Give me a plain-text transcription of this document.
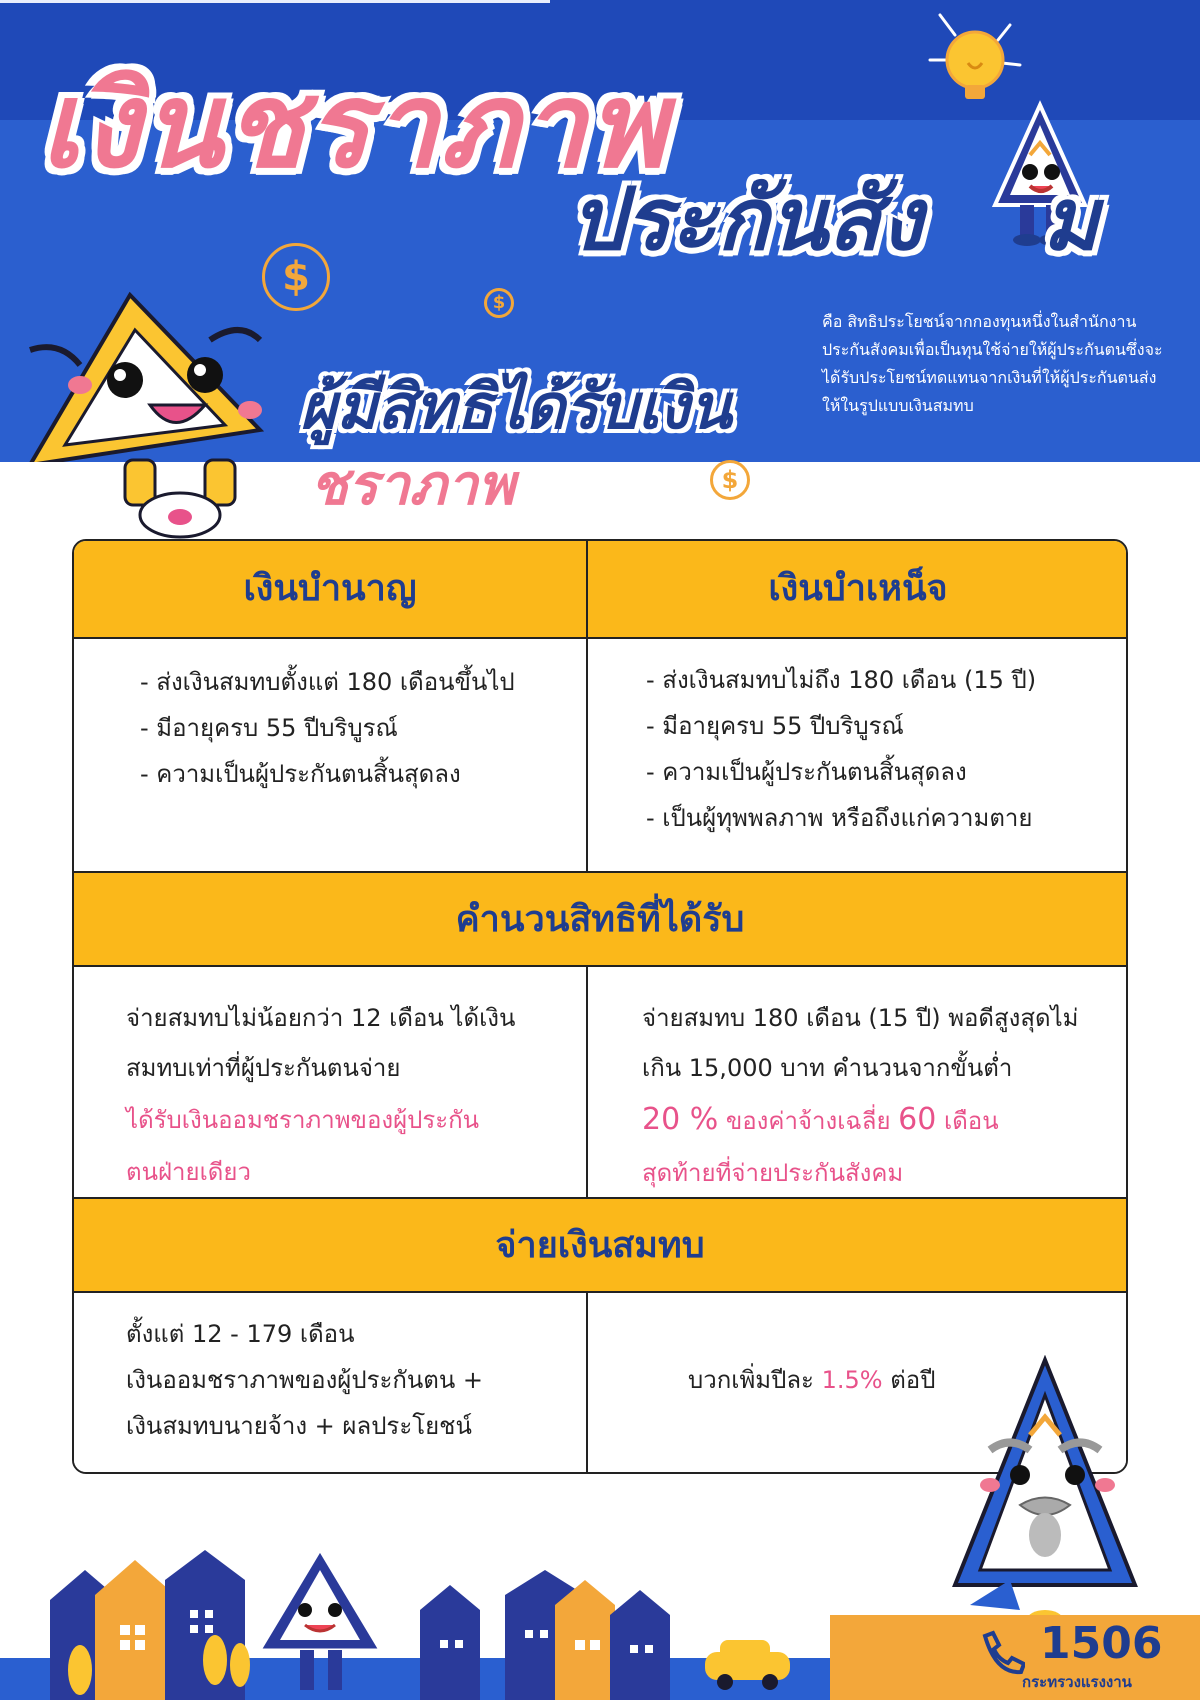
เงินชราภาพ
ประกันสัง ม
$
$
คือ สิทธิประโยชน์จากกองทุนหนึ่งในสำนักงาน
ประกันสังคมเพื่อเป็นทุนใช้จ่ายให้ผู้ประกันตนซึ่งจะ
ได้รับประโยชน์ทดแทนจากเงินที่ให้ผู้ประกันตนส่ง
ให้ในรูปแบบเงินสมทบ
ผู้มีสิทธิได้รับเงิน
ชราภาพ	$
เงินบำนาญ	เงินบำเหน็จ
- ส่งเงินสมทบตั้งแต่ 180 เดือนขึ้นไป
- มีอายุครบ 55 ปีบริบูรณ์
- ความเป็นผู้ประกันตนสิ้นสุดลง
- ส่งเงินสมทบไม่ถึง 180 เดือน (15 ปี)
- มีอายุครบ 55 ปีบริบูรณ์
- ความเป็นผู้ประกันตนสิ้นสุดลง
- เป็นผู้ทุพพลภาพ หรือถึงแก่ความตาย
คำนวนสิทธิที่ได้รับ
จ่ายสมทบไม่น้อยกว่า 12 เดือน ได้เงิน
สมทบเท่าที่ผู้ประกันตนจ่าย
ได้รับเงินออมชราภาพของผู้ประกัน
ตนฝ่ายเดียว
จ่ายสมทบ 180 เดือน (15 ปี) พอดีสูงสุดไม่
เกิน 15,000 บาท คำนวนจากขั้นต่ำ
20 % ของค่าจ้างเฉลี่ย 60 เดือน
สุดท้ายที่จ่ายประกันสังคม
จ่ายเงินสมทบ
ตั้งแต่ 12 - 179 เดือน
เงินออมชราภาพของผู้ประกันตน +
เงินสมทบนายจ้าง + ผลประโยชน์
บวกเพิ่มปีละ 1.5% ต่อปี
1506
กระทรวงแรงงาน
